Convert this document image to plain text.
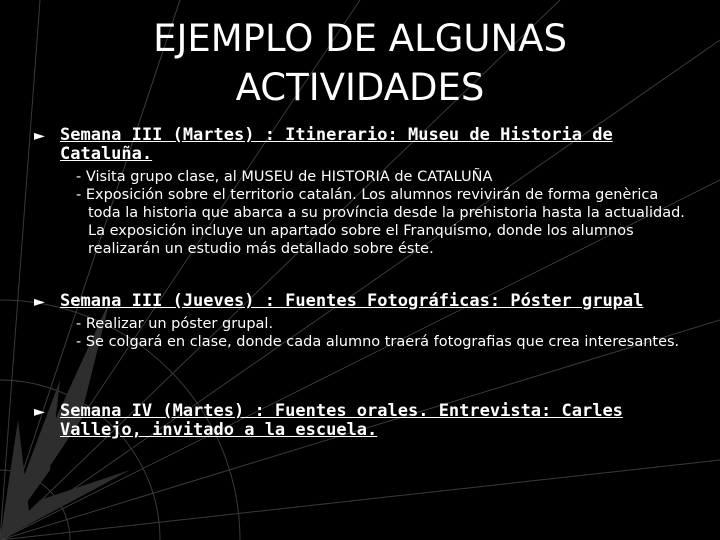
EJEMPLO DE ALGUNAS ACTIVIDADES
► Semana III (Martes) : Itinerario: Museu de Historia de Cataluña.
- Visita grupo clase, al MUSEU de HISTORIA de CATALUÑA
- Exposición sobre el territorio catalán. Los alumnos revivirán de forma genèrica toda la historia que abarca a su província desde la prehistoria hasta la actualidad. La exposición incluye un apartado sobre el Franquismo, donde los alumnos realizarán un estudio más detallado sobre éste.
► Semana III (Jueves) : Fuentes Fotográficas: Póster grupal
- Realizar un póster grupal.
- Se colgará en clase, donde cada alumno traerá fotografias que crea interesantes.
► Semana IV (Martes) : Fuentes orales. Entrevista: Carles Vallejo, invitado a la escuela.
